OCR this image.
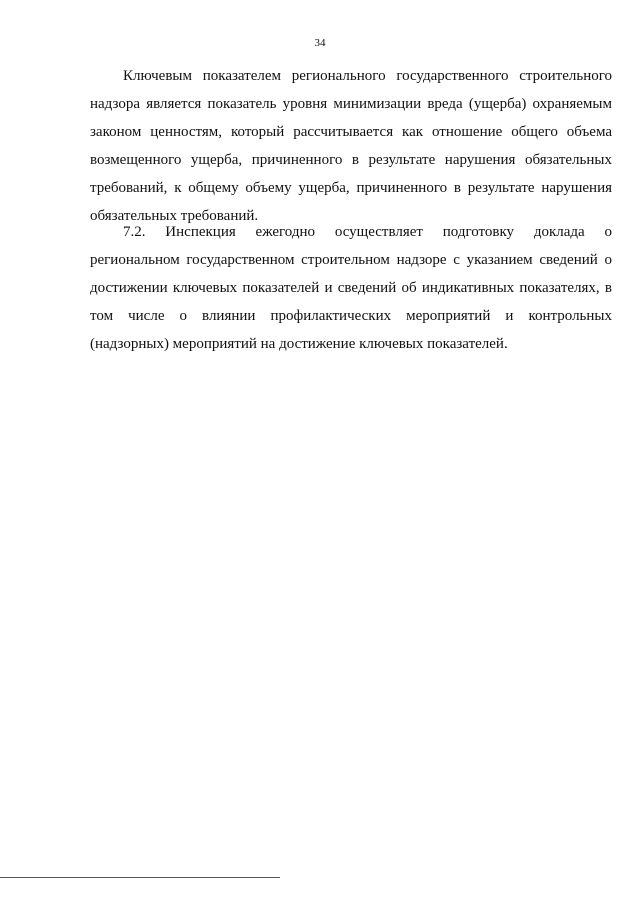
34
Ключевым показателем регионального государственного строительного
надзора является показатель уровня минимизации вреда (ущерба) охраняемым
законом ценностям, который рассчитывается как отношение общего объема
возмещенного ущерба, причиненного в результате нарушения обязательных
требований, к общему объему ущерба, причиненного в результате нарушения
обязательных требований.
7.2. Инспекция ежегодно осуществляет подготовку доклада о
региональном государственном строительном надзоре с указанием сведений о
достижении ключевых показателей и сведений об индикативных показателях, в
том числе о влиянии профилактических мероприятий и контрольных
(надзорных) мероприятий на достижение ключевых показателей.
